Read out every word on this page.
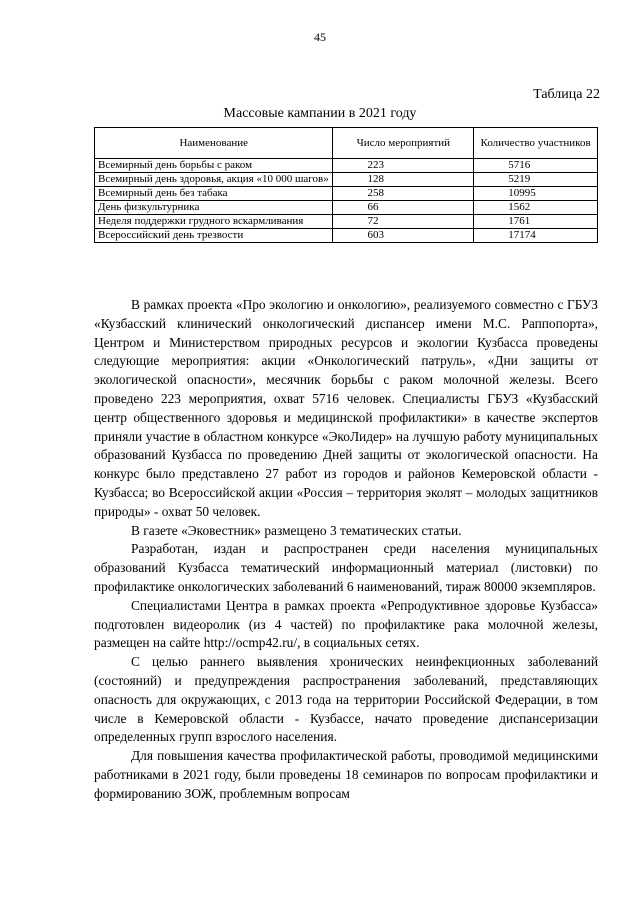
45
Таблица 22
Массовые кампании в 2021 году
Наименование	Число мероприятий	Количество участников
Всемирный день борьбы с раком	223	5716
Всемирный день здоровья, акция «10 000 шагов»	128	5219
Всемирный день без табака	258	10995
День физкультурника	66	1562
Неделя поддержки грудного вскармливания	72	1761
Всероссийский день трезвости	603	17174

В рамках проекта «Про экологию и онкологию», реализуемого совместно с ГБУЗ «Кузбасский клинический онкологический диспансер имени М.С. Раппопорта», Центром и Министерством природных ресурсов и экологии Кузбасса проведены следующие мероприятия: акции «Онкологический патруль», «Дни защиты от экологической опасности», месячник борьбы с раком молочной железы. Всего проведено 223 мероприятия, охват 5716 человек. Специалисты ГБУЗ «Кузбасский центр общественного здоровья и медицинской профилактики» в качестве экспертов приняли участие в областном конкурсе «ЭкоЛидер» на лучшую работу муниципальных образований Кузбасса по проведению Дней защиты от экологической опасности. На конкурс было представлено 27 работ из городов и районов Кемеровской области - Кузбасса; во Всероссийской акции «Россия – территория эколят – молодых защитников природы» - охват 50 человек.

В газете «Эковестник» размещено 3 тематических статьи.

Разработан, издан и распространен среди населения муниципальных образований Кузбасса тематический информационный материал (листовки) по профилактике онкологических заболеваний 6 наименований, тираж 80000 экземпляров.

Специалистами Центра в рамках проекта «Репродуктивное здоровье Кузбасса» подготовлен видеоролик (из 4 частей) по профилактике рака молочной железы, размещен на сайте http://ocmp42.ru/, в социальных сетях.

С целью раннего выявления хронических неинфекционных заболеваний (состояний) и предупреждения распространения заболеваний, представляющих опасность для окружающих, с 2013 года на территории Российской Федерации, в том числе в Кемеровской области - Кузбассе, начато проведение диспансеризации определенных групп взрослого населения.

Для повышения качества профилактической работы, проводимой медицинскими работниками в 2021 году, были проведены 18 семинаров по вопросам профилактики и формированию ЗОЖ, проблемным вопросам
